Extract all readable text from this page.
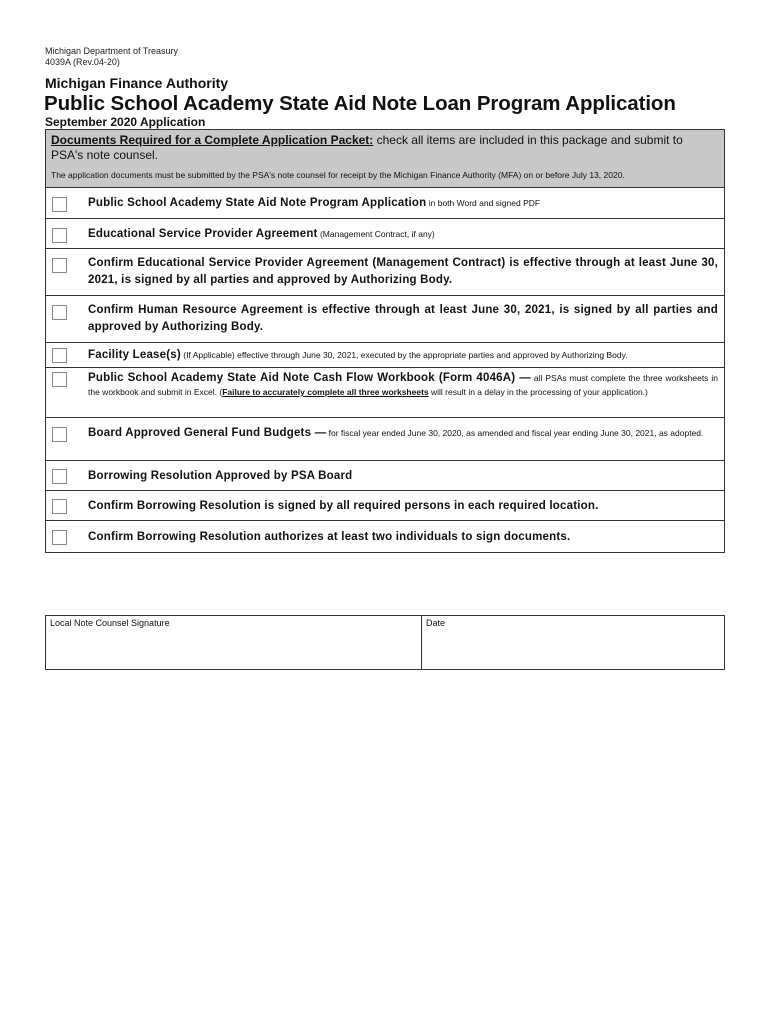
Michigan Department of Treasury
4039A (Rev.04-20)
Michigan Finance Authority
Public School Academy State Aid Note Loan Program Application
September 2020 Application
Documents Required for a Complete Application Packet: check all items are included in this package and submit to PSA's note counsel.
The application documents must be submitted by the PSA's note counsel for receipt by the Michigan Finance Authority (MFA) on or before July 13, 2020.
Public School Academy State Aid Note Program Application in both Word and signed PDF
Educational Service Provider Agreement (Management Contract, if any)
Confirm Educational Service Provider Agreement (Management Contract) is effective through at least June 30, 2021, is signed by all parties and approved by Authorizing Body.
Confirm Human Resource Agreement is effective through at least June 30, 2021, is signed by all parties and approved by Authorizing Body.
Facility Lease(s) (If Applicable) effective through June 30, 2021, executed by the appropriate parties and approved by Authorizing Body.
Public School Academy State Aid Note Cash Flow Workbook (Form 4046A) — all PSAs must complete the three worksheets in the workbook and submit in Excel. (Failure to accurately complete all three worksheets will result in a delay in the processing of your application.)
Board Approved General Fund Budgets — for fiscal year ended June 30, 2020, as amended and fiscal year ending June 30, 2021, as adopted.
Borrowing Resolution Approved by PSA Board
Confirm Borrowing Resolution is signed by all required persons in each required location.
Confirm Borrowing Resolution authorizes at least two individuals to sign documents.
Local Note Counsel Signature	Date
